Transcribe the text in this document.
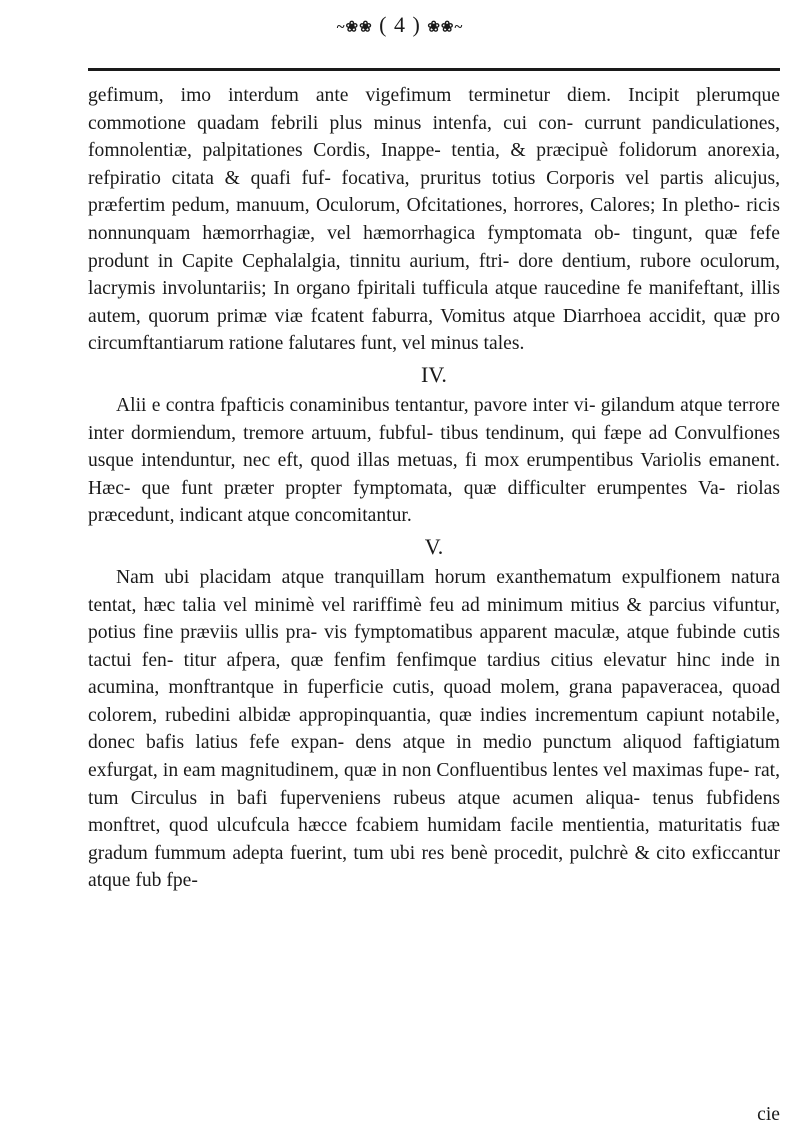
~❀❀ ( 4 ) ❀❀~

gefimum, imo interdum ante vigefimum terminetur diem. Incipit plerumque commotione quadam febrili plus minus intenfa, cui con- currunt pandiculationes, fomnolentiæ, palpitationes Cordis, Inappe- tentia, & præcipuè folidorum anorexia, refpiratio citata & quafi fuf- focativa, pruritus totius Corporis vel partis alicujus, præfertim pedum, manuum, Oculorum, Ofcitationes, horrores, Calores; In pletho- ricis nonnunquam hæmorrhagiæ, vel hæmorrhagica fymptomata ob- tingunt, quæ fefe produnt in Capite Cephalalgia, tinnitu aurium, ftri- dore dentium, rubore oculorum, lacrymis involuntariis; In organo fpiritali tufficula atque raucedine fe manifeftant, illis autem, quorum primæ viæ fcatent faburra, Vomitus atque Diarrhoea accidit, quæ pro circumftantiarum ratione falutares funt, vel minus tales.

IV.

Alii e contra fpafticis conaminibus tentantur, pavore inter vi- gilandum atque terrore inter dormiendum, tremore artuum, fubful- tibus tendinum, qui fæpe ad Convulfiones usque intenduntur, nec eft, quod illas metuas, fi mox erumpentibus Variolis emanent. Hæc- que funt præter propter fymptomata, quæ difficulter erumpentes Va- riolas præcedunt, indicant atque concomitantur.

V.

Nam ubi placidam atque tranquillam horum exanthematum expulfionem natura tentat, hæc talia vel minimè vel rariffimè feu ad minimum mitius & parcius vifuntur, potius fine præviis ullis pra- vis fymptomatibus apparent maculæ, atque fubinde cutis tactui fen- titur afpera, quæ fenfim fenfimque tardius citius elevatur hinc inde in acumina, monftrantque in fuperficie cutis, quoad molem, grana papaveracea, quoad colorem, rubedini albidæ appropinquantia, quæ indies incrementum capiunt notabile, donec bafis latius fefe expan- dens atque in medio punctum aliquod faftigiatum exfurgat, in eam magnitudinem, quæ in non Confluentibus lentes vel maximas fupe- rat, tum Circulus in bafi fuperveniens rubeus atque acumen aliqua- tenus fubfidens monftret, quod ulcufcula hæcce fcabiem humidam facile mentientia, maturitatis fuæ gradum fummum adepta fuerint, tum ubi res benè procedit, pulchrè & cito exficcantur atque fub fpe-

cie
